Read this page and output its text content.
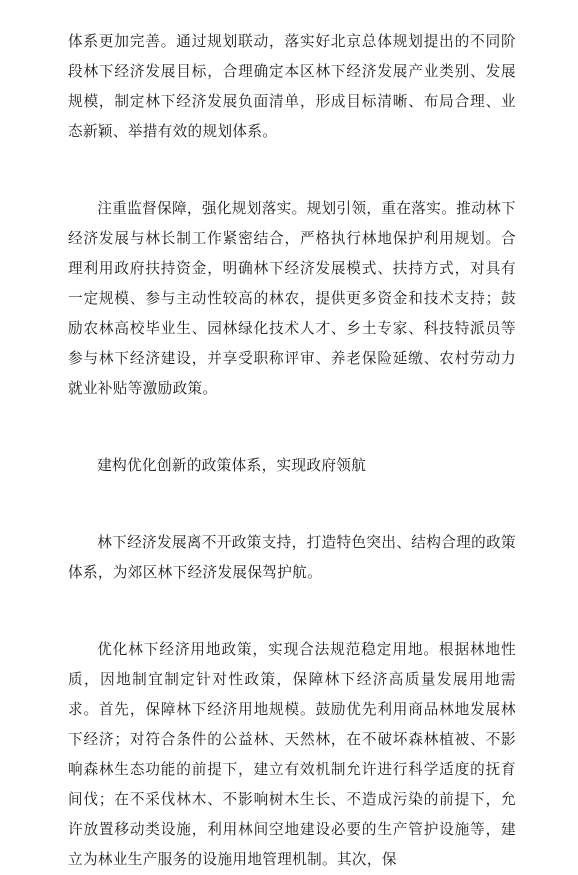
体系更加完善。通过规划联动，落实好北京总体规划提出的不同阶段林下经济发展目标，合理确定本区林下经济发展产业类别、发展规模，制定林下经济发展负面清单，形成目标清晰、布局合理、业态新颖、举措有效的规划体系。

注重监督保障，强化规划落实。规划引领，重在落实。推动林下经济发展与林长制工作紧密结合，严格执行林地保护利用规划。合理利用政府扶持资金，明确林下经济发展模式、扶持方式，对具有一定规模、参与主动性较高的林农，提供更多资金和技术支持；鼓励农林高校毕业生、园林绿化技术人才、乡土专家、科技特派员等参与林下经济建设，并享受职称评审、养老保险延缴、农村劳动力就业补贴等激励政策。

建构优化创新的政策体系，实现政府领航

林下经济发展离不开政策支持，打造特色突出、结构合理的政策体系，为郊区林下经济发展保驾护航。

优化林下经济用地政策，实现合法规范稳定用地。根据林地性质，因地制宜制定针对性政策，保障林下经济高质量发展用地需求。首先，保障林下经济用地规模。鼓励优先利用商品林地发展林下经济；对符合条件的公益林、天然林，在不破坏森林植被、不影响森林生态功能的前提下，建立有效机制允许进行科学适度的抚育间伐；在不采伐林木、不影响树木生长、不造成污染的前提下，允许放置移动类设施，利用林间空地建设必要的生产管护设施等，建立为林业生产服务的设施用地管理机制。其次，保
